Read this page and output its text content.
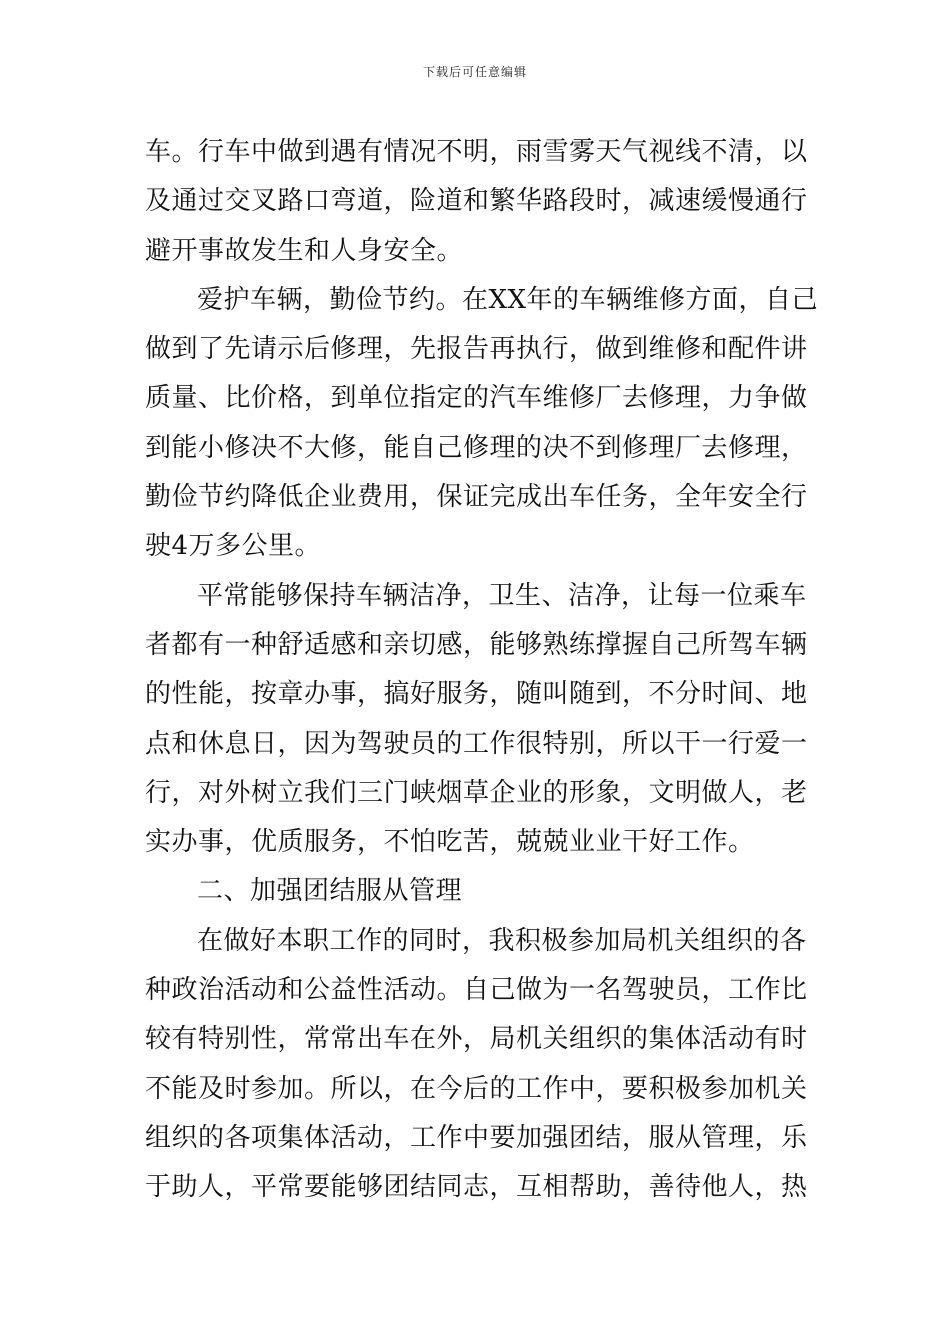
下载后可任意编辑
车。行车中做到遇有情况不明，雨雪雾天气视线不清，以
及通过交叉路口弯道，险道和繁华路段时，减速缓慢通行
避开事故发生和人身安全。
爱护车辆，勤俭节约。在XX年的车辆维修方面，自己
做到了先请示后修理，先报告再执行，做到维修和配件讲
质量、比价格，到单位指定的汽车维修厂去修理，力争做
到能小修决不大修，能自己修理的决不到修理厂去修理，
勤俭节约降低企业费用，保证完成出车任务，全年安全行
驶4万多公里。
平常能够保持车辆洁净，卫生、洁净，让每一位乘车
者都有一种舒适感和亲切感，能够熟练撑握自己所驾车辆
的性能，按章办事，搞好服务，随叫随到，不分时间、地
点和休息日，因为驾驶员的工作很特别，所以干一行爱一
行，对外树立我们三门峡烟草企业的形象，文明做人，老
实办事，优质服务，不怕吃苦，兢兢业业干好工作。
二、加强团结服从管理
在做好本职工作的同时，我积极参加局机关组织的各
种政治活动和公益性活动。自己做为一名驾驶员，工作比
较有特别性，常常出车在外，局机关组织的集体活动有时
不能及时参加。所以，在今后的工作中，要积极参加机关
组织的各项集体活动，工作中要加强团结，服从管理，乐
于助人，平常要能够团结同志，互相帮助，善待他人，热
